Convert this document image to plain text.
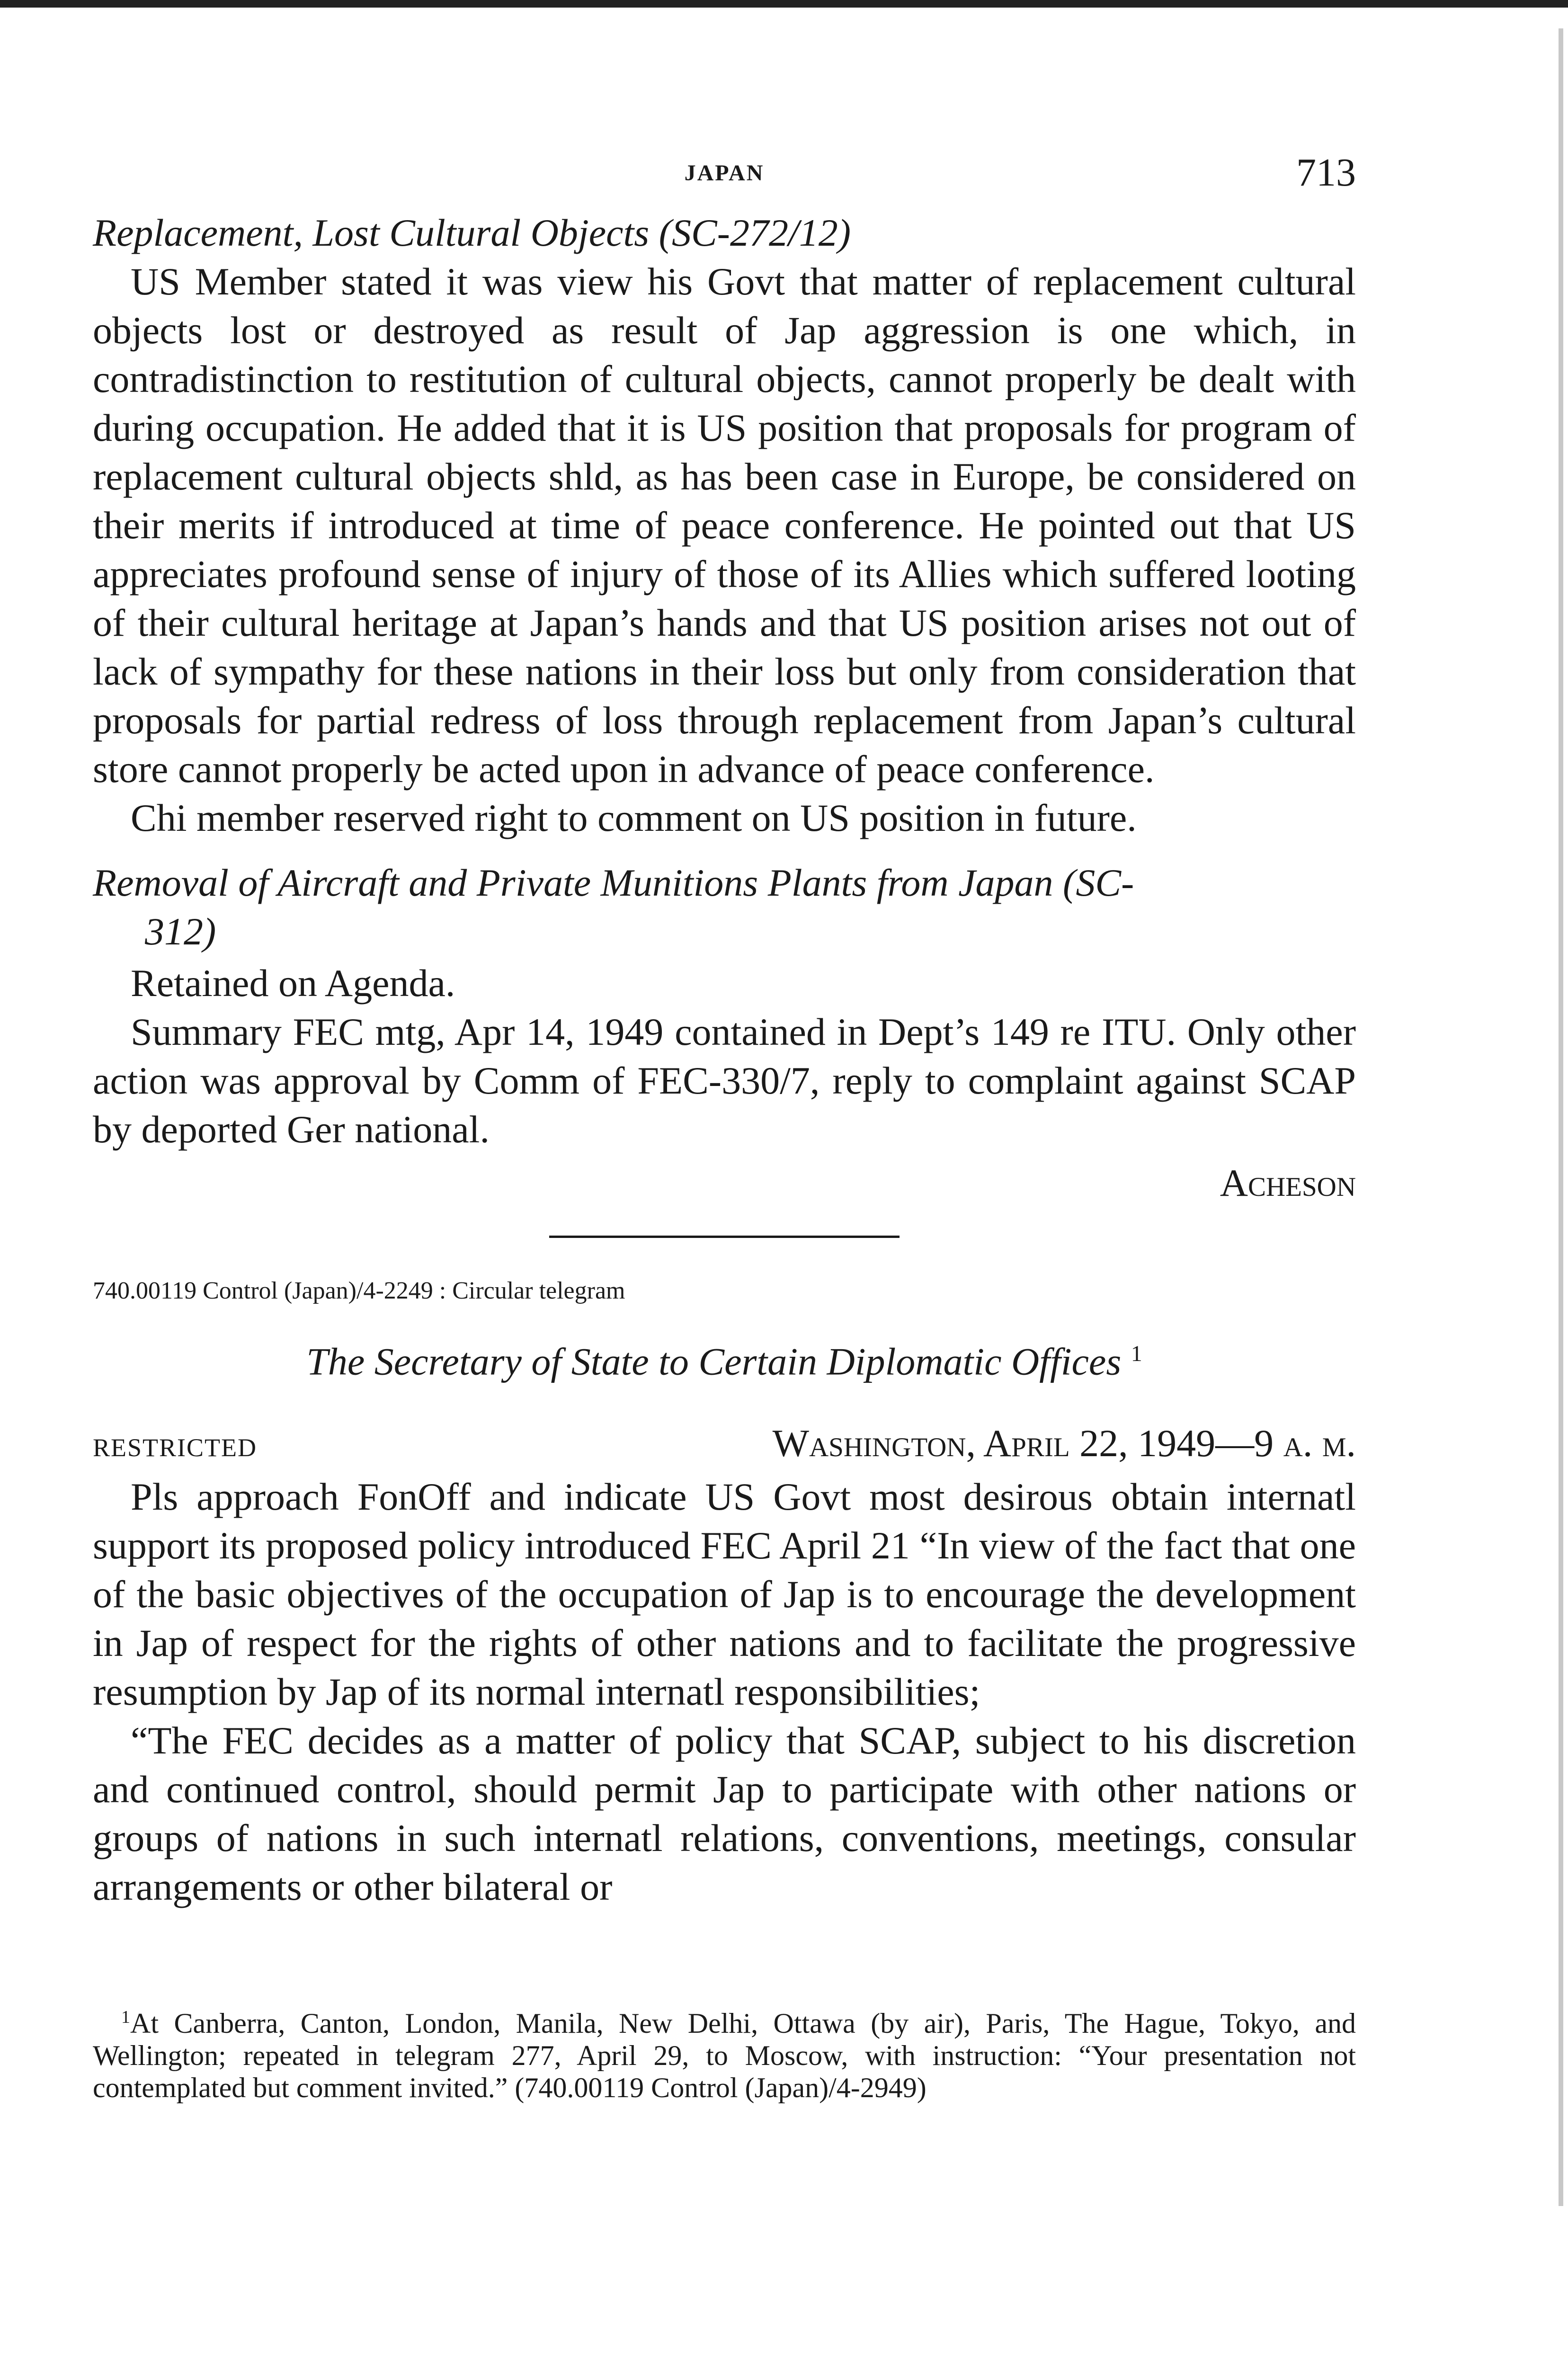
JAPAN	713

Replacement, Lost Cultural Objects (SC-272/12)

US Member stated it was view his Govt that matter of replacement cultural objects lost or destroyed as result of Jap aggression is one which, in contradistinction to restitution of cultural objects, cannot properly be dealt with during occupation. He added that it is US position that proposals for program of replacement cultural objects shld, as has been case in Europe, be considered on their merits if introduced at time of peace conference. He pointed out that US appreciates profound sense of injury of those of its Allies which suffered looting of their cultural heritage at Japan’s hands and that US position arises not out of lack of sympathy for these nations in their loss but only from consideration that proposals for partial redress of loss through replacement from Japan’s cultural store cannot properly be acted upon in advance of peace conference.

Chi member reserved right to comment on US position in future.

Removal of Aircraft and Private Munitions Plants from Japan (SC-
312)

Retained on Agenda.

Summary FEC mtg, Apr 14, 1949 contained in Dept’s 149 re ITU. Only other action was approval by Comm of FEC-330/7, reply to complaint against SCAP by deported Ger national.

Acheson

740.00119 Control (Japan)/4-2249 : Circular telegram

The Secretary of State to Certain Diplomatic Offices $^1$

RESTRICTED	Washington, April 22, 1949—9 a. m.

Pls approach FonOff and indicate US Govt most desirous obtain internatl support its proposed policy introduced FEC April 21 “In view of the fact that one of the basic objectives of the occupation of Jap is to encourage the development in Jap of respect for the rights of other nations and to facilitate the progressive resumption by Jap of its normal internatl responsibilities;

“The FEC decides as a matter of policy that SCAP, subject to his discretion and continued control, should permit Jap to participate with other nations or groups of nations in such internatl relations, conventions, meetings, consular arrangements or other bilateral or

$^1$At Canberra, Canton, London, Manila, New Delhi, Ottawa (by air), Paris, The Hague, Tokyo, and Wellington; repeated in telegram 277, April 29, to Moscow, with instruction: “Your presentation not contemplated but comment invited.” (740.00119 Control (Japan)/4-2949)
